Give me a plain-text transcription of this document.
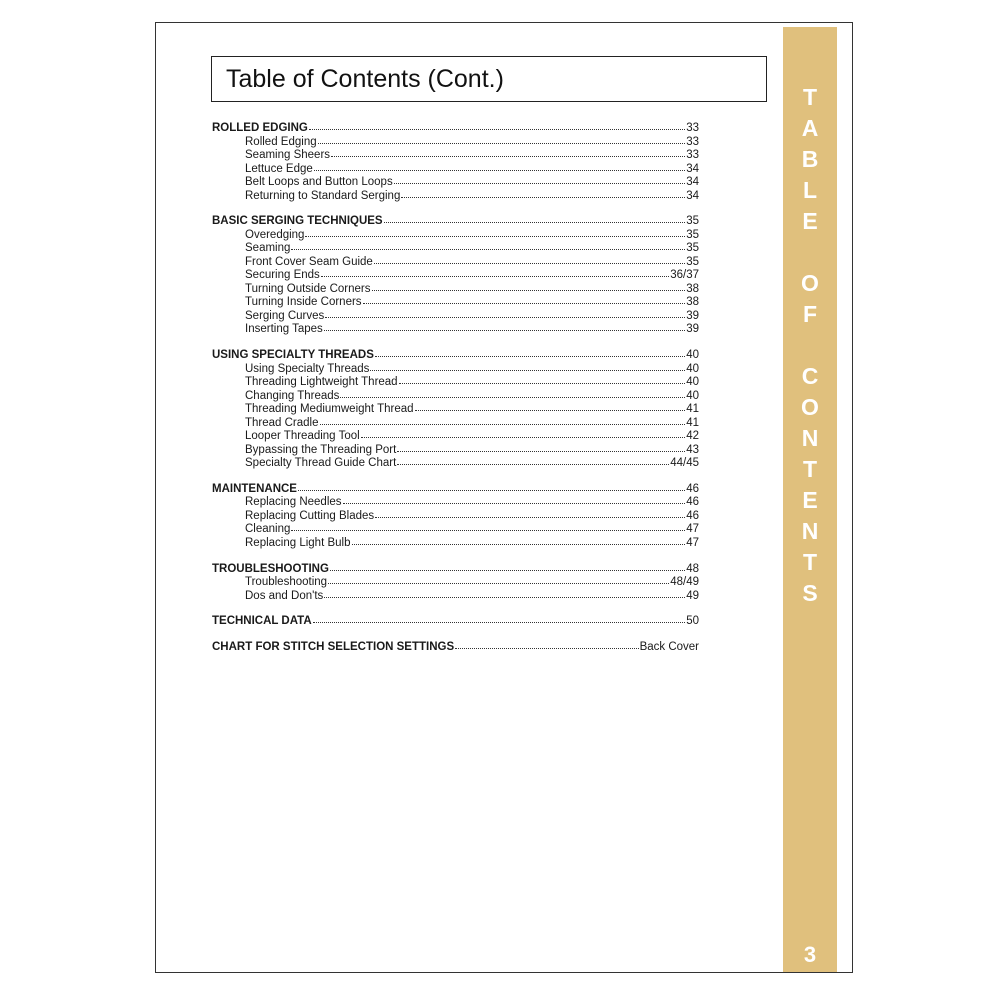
Table of Contents (Cont.)
T
A
B
L
E
O
F
C
O
N
T
E
N
T
S
3
ROLLED EDGING	33
Rolled Edging	33
Seaming Sheers	33
Lettuce Edge	34
Belt Loops and Button Loops	34
Returning to Standard Serging	34
BASIC SERGING TECHNIQUES	35
Overedging	35
Seaming	35
Front Cover Seam Guide	35
Securing Ends	36/37
Turning Outside Corners	38
Turning Inside Corners	38
Serging Curves	39
Inserting Tapes	39
USING SPECIALTY THREADS	40
Using Specialty Threads	40
Threading Lightweight Thread	40
Changing Threads	40
Threading Mediumweight Thread	41
Thread Cradle	41
Looper Threading Tool	42
Bypassing the Threading Port	43
Specialty Thread Guide Chart	44/45
MAINTENANCE	46
Replacing Needles	46
Replacing Cutting Blades	46
Cleaning	47
Replacing Light Bulb	47
TROUBLESHOOTING	48
Troubleshooting	48/49
Dos and Don'ts	49
TECHNICAL DATA	50
CHART FOR STITCH SELECTION SETTINGS	Back Cover
